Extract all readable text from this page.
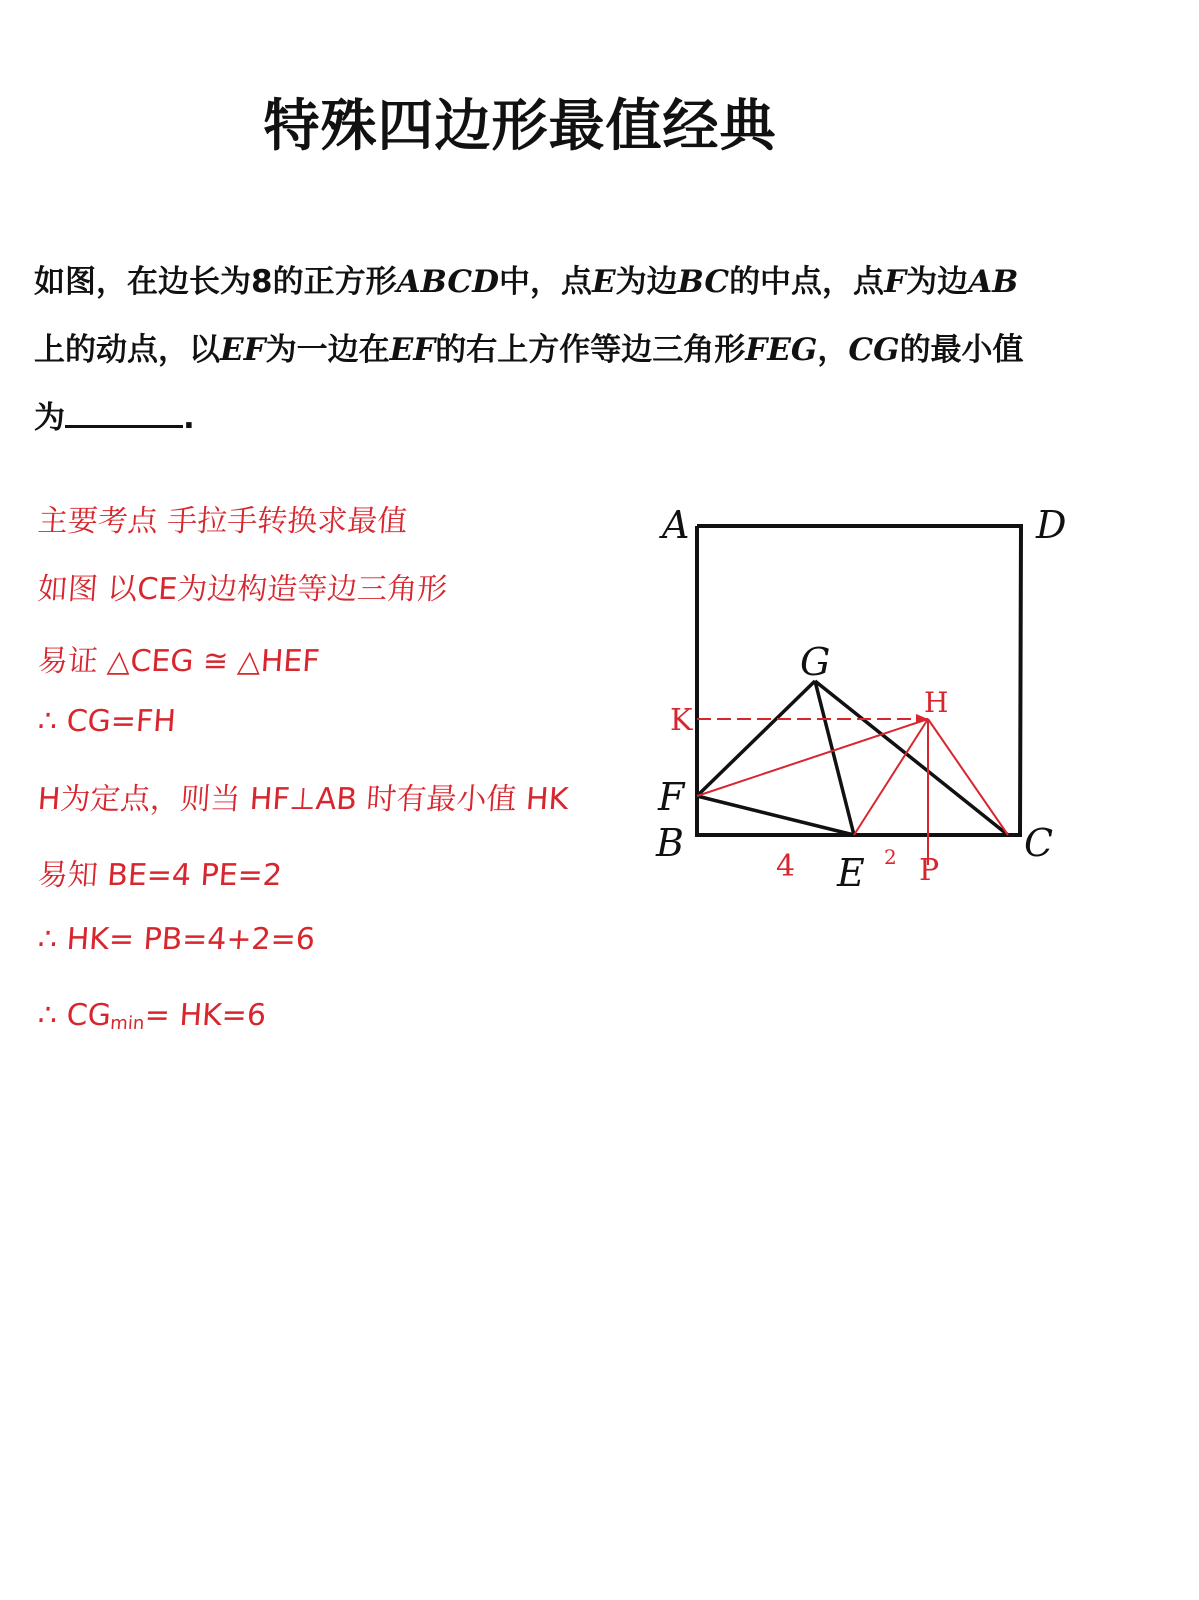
特殊四边形最值经典
如图，在边长为8的正方形ABCD中，点E为边BC的中点，点F为边AB
上的动点，以EF为一边在EF的右上方作等边三角形FEG，CG的最小值
为	.
主要考点 手拉手转换求最值
如图 以CE为边构造等边三角形
易证 △CEG ≅ △HEF
∴ CG=FH
H为定点，则当 HF⊥AB 时有最小值 HK
易知 BE=4 PE=2
∴ HK= PB=4+2=6
∴ $CG_{min}= HK=6$
A	D
G
F
B	C
E
K
H
P
4	2
